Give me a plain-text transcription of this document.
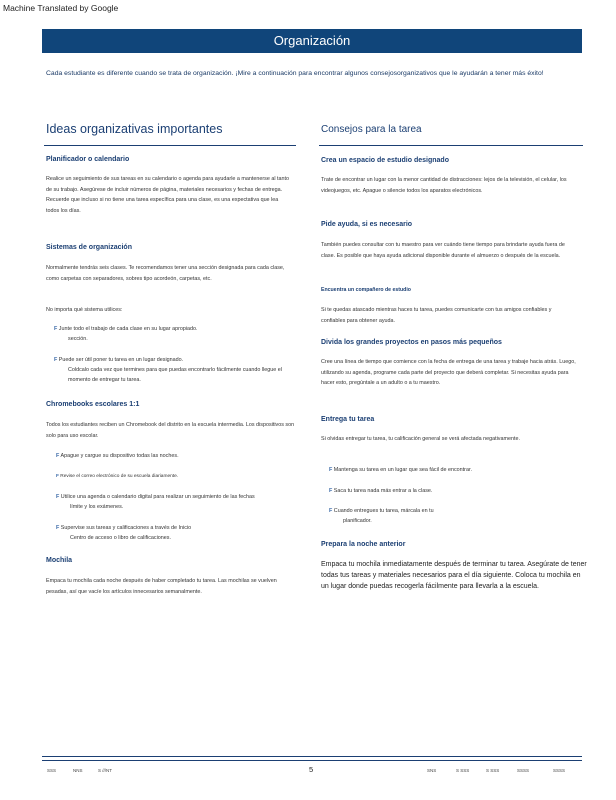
Machine Translated by Google
Organización
Cada estudiante es diferente cuando se trata de organización. ¡Mire a continuación para encontrar algunos consejosorganizativos que le ayudarán a tener más éxito!
Ideas organizativas importantes
Planificador o calendario
Realice un seguimiento de sus tareas en su calendario o agenda para ayudarle a mantenerse al tanto de su trabajo. Asegúrese de incluir números de página, materiales necesarios y fechas de entrega. Recuerde que incluso si no tiene una tarea específica para una clase, es una expectativa que lea todos los días.
Sistemas de organización
Normalmente tendrás seis clases. Te recomendamos tener una sección designada para cada clase, como carpetas con separadores, sobres tipo acordeón, carpetas, etc.
No importa qué sistema utilices:
F Junte todo el trabajo de cada clase en su lugar apropiado.
sección.
F Puede ser útil poner tu tarea en un lugar designado.
Coldcalo cada vez que termines para que puedas encontrarlo fácilmente cuando llegue el momento de entregar tu tarea.
Chromebooks escolares 1:1
Todos los estudiantes reciben un Chromebook del distrito en la escuela intermedia. Los dispositivos son solo para uso escolar.
F Apague y cargue su dispositivo todas las noches.
F Revise el correo electrónico de su escuela diariamente.
F Utilice una agenda o calendario digital para realizar un seguimiento de las fechas
límite y los exámenes.
F Supervise sus tareas y calificaciones a través de Inicio
Centro de acceso o libro de calificaciones.
Mochila
Empaca tu mochila cada noche después de haber completado tu tarea. Las mochilas se vuelven pesadas, así que vacíe los artículos innecesarios semanalmente.
Consejos para la tarea
Crea un espacio de estudio designado
Trate de encontrar un lugar con la menor cantidad de distracciones: lejos de la televisión, el celular, los videojuegos, etc. Apague o silencie todos los aparatos electrónicos.
Pide ayuda, si es necesario
También puedes consultar con tu maestro para ver cuándo tiene tiempo para brindarte ayuda fuera de clase. Es posible que haya ayuda adicional disponible durante el almuerzo o después de la escuela.
Encuentra un compañero de estudio
Si te quedas atascado mientras haces tu tarea, puedes comunicarte con tus amigos confiables y confiables para obtener ayuda.
Divida los grandes proyectos en pasos más pequeños
Cree una línea de tiempo que comience con la fecha de entrega de una tarea y trabaje hacia atrás. Luego, utilizando su agenda, programe cada parte del proyecto que deberá completar. Si necesitas ayuda para hacer esto, pregúntale a un adulto o a tu maestro.
Entrega tu tarea
Si olvidas entregar tu tarea, tu calificación general se verá afectada negativamente.
F Mantenga su tarea en un lugar que sea fácil de encontrar.
F Saca tu tarea nada más entrar a la clase.
F Cuando entregues tu tarea, márcala en tu
planificador.
Prepara la noche anterior
Empaca tu mochila inmediatamente después de terminar tu tarea. Asegúrate de tener todas tus tareas y materiales necesarios para el día siguiente. Coloca tu mochila en un lugar donde puedas recogerla fácilmente para llevarla a la escuela.
SSS	NNS	S ///NT	5	SNS	S SSS	S SSS	SSSS	SSSS
